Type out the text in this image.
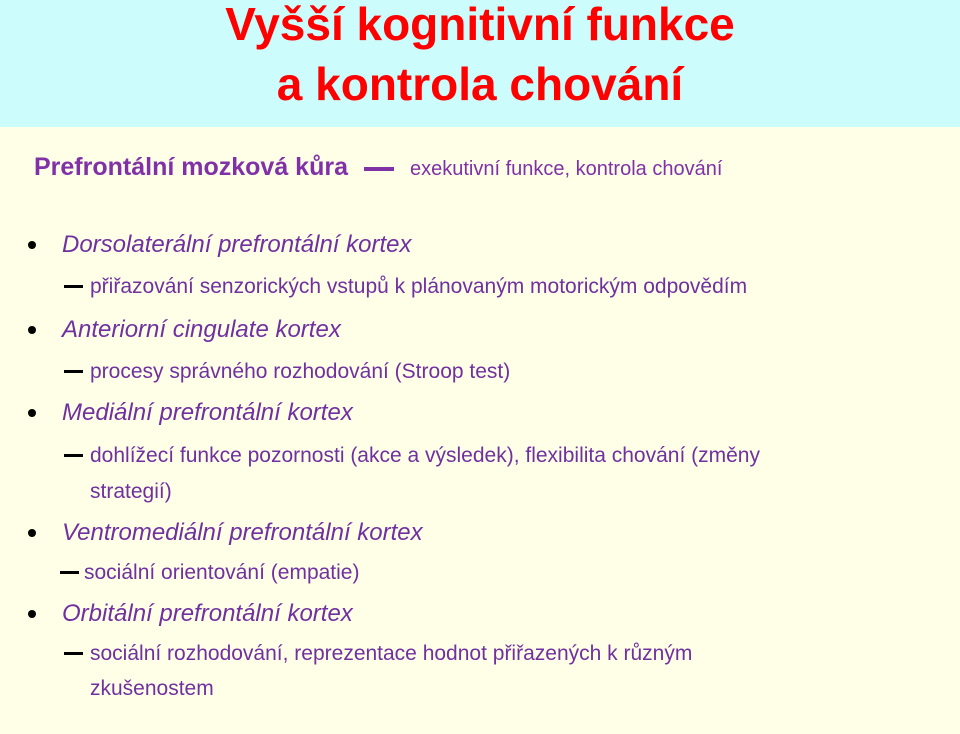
Vyšší kognitivní funkce
a kontrola chování
Prefrontální mozková kůra	exekutivní funkce, kontrola chování
Dorsolaterální prefrontální kortex
přiřazování senzorických vstupů k plánovaným motorickým odpovědím
Anteriorní cingulate kortex
procesy správného rozhodování (Stroop test)
Mediální prefrontální kortex
dohlížecí funkce pozornosti (akce a výsledek), flexibilita chování (změny
strategií)
Ventromediální prefrontální kortex
sociální orientování (empatie)
Orbitální prefrontální kortex
sociální rozhodování, reprezentace hodnot přiřazených k různým
zkušenostem
